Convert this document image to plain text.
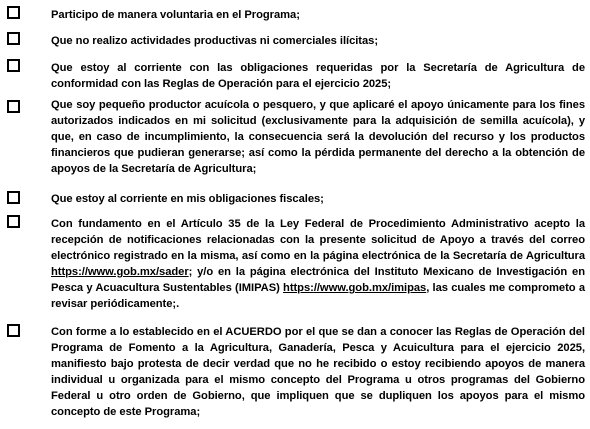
Participo de manera voluntaria en el Programa;
Que no realizo actividades productivas ni comerciales ilícitas;
Que estoy al corriente con las obligaciones requeridas por la Secretaría de Agricultura de conformidad con las Reglas de Operación para el ejercicio 2025;
Que soy pequeño productor acuícola o pesquero, y que aplicaré el apoyo únicamente para los fines autorizados indicados en mi solicitud (exclusivamente para la adquisición de semilla acuícola), y que, en caso de incumplimiento, la consecuencia será la devolución del recurso y los productos financieros que pudieran generarse; así como la pérdida permanente del derecho a la obtención de apoyos de la Secretaría de Agricultura;
Que estoy al corriente en mis obligaciones fiscales;
Con fundamento en el Artículo 35 de la Ley Federal de Procedimiento Administrativo acepto la recepción de notificaciones relacionadas con la presente solicitud de Apoyo a través del correo electrónico registrado en la misma, así como en la página electrónica de la Secretaría de Agricultura https://www.gob.mx/sader; y/o en la página electrónica del Instituto Mexicano de Investigación en Pesca y Acuacultura Sustentables (IMIPAS) https://www.gob.mx/imipas, las cuales me comprometo a revisar periódicamente;.
Con forme a lo establecido en el ACUERDO por el que se dan a conocer las Reglas de Operación del Programa de Fomento a la Agricultura, Ganadería, Pesca y Acuicultura para el ejercicio 2025, manifiesto bajo protesta de decir verdad que no he recibido o estoy recibiendo apoyos de manera individual u organizada para el mismo concepto del Programa u otros programas del Gobierno Federal u otro orden de Gobierno, que impliquen que se dupliquen los apoyos para el mismo concepto de este Programa;
